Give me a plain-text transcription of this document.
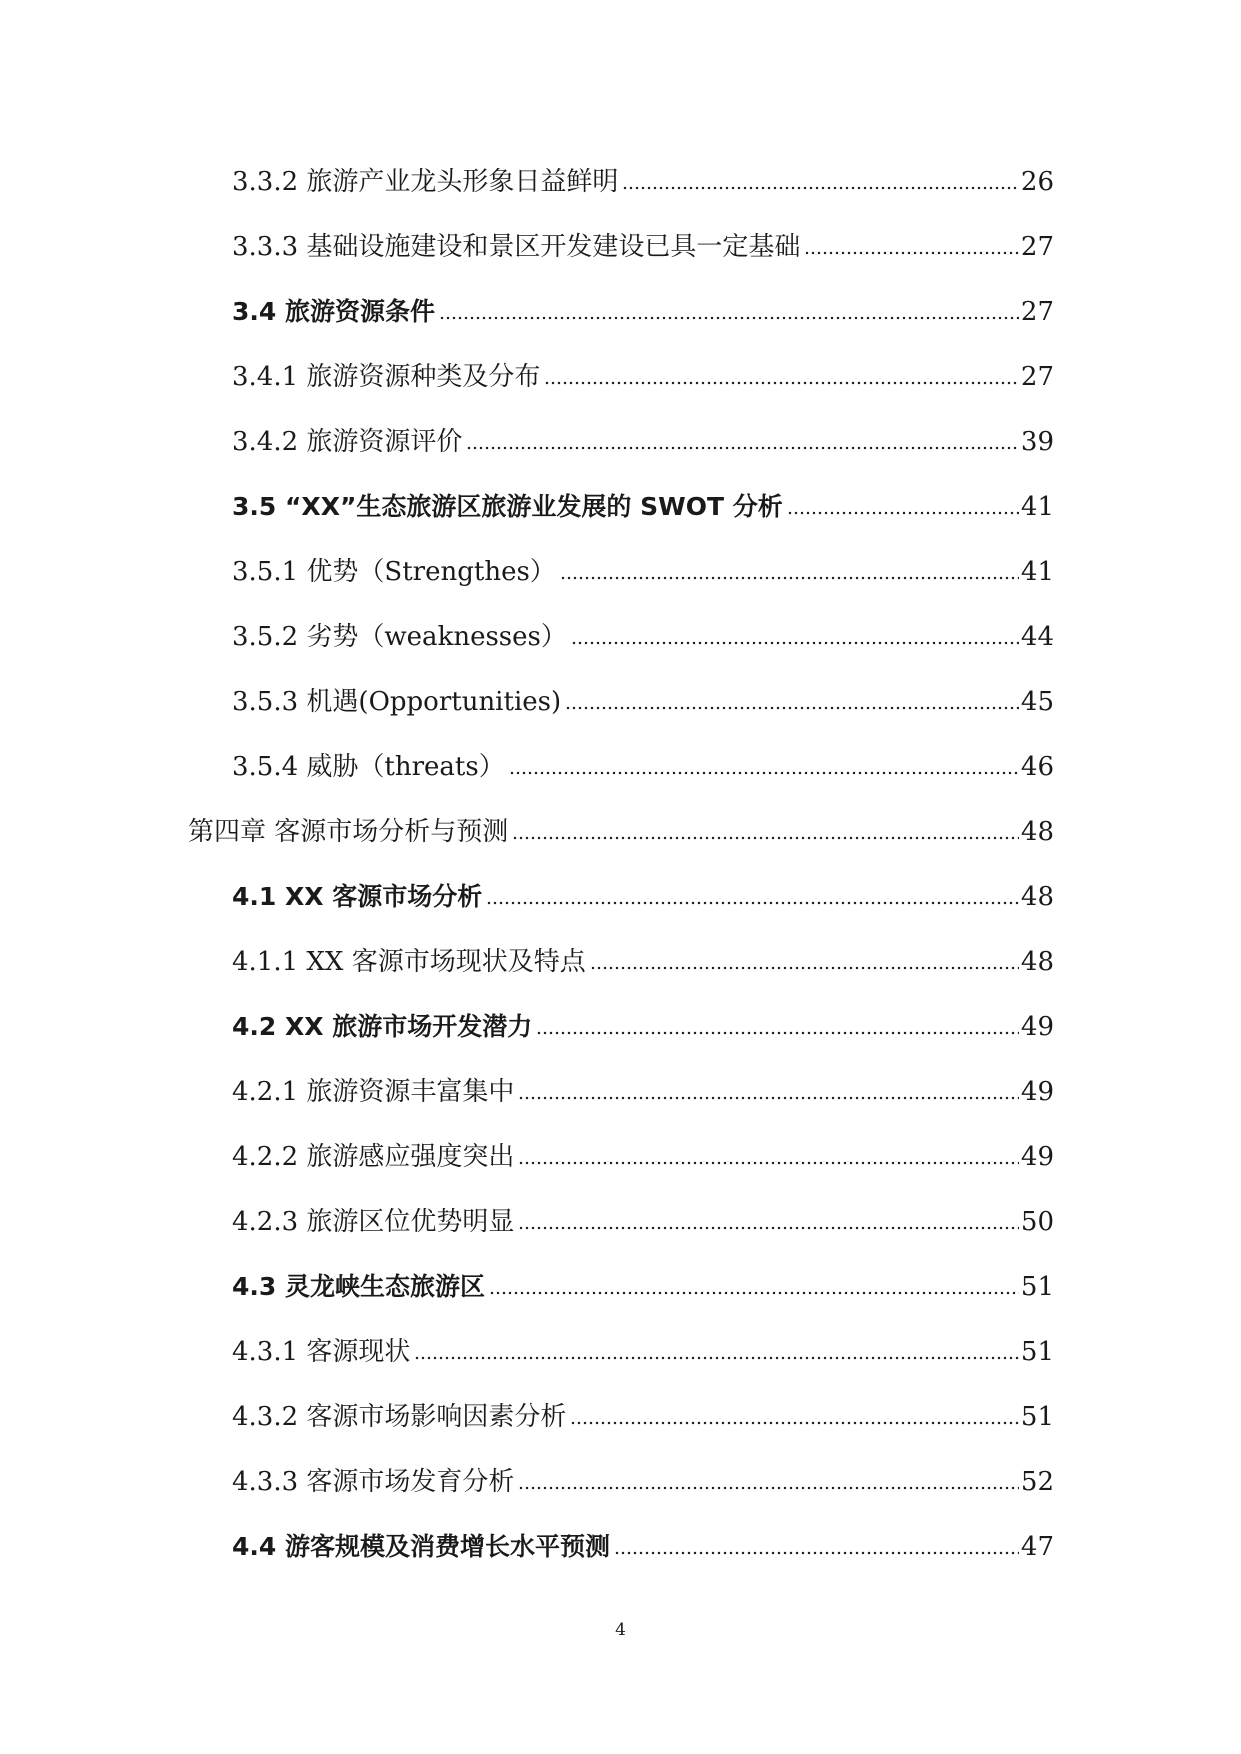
3.3.2 旅游产业龙头形象日益鲜明	26
3.3.3 基础设施建设和景区开发建设已具一定基础	27
3.4 旅游资源条件	27
3.4.1 旅游资源种类及分布	27
3.4.2 旅游资源评价	39
3.5 “XX”生态旅游区旅游业发展的 SWOT 分析	41
3.5.1 优势（Strengthes）	41
3.5.2 劣势（weaknesses）	44
3.5.3 机遇(Opportunities)	45
3.5.4 威胁（threats）	46
第四章 客源市场分析与预测	48
4.1 XX 客源市场分析	48
4.1.1 XX 客源市场现状及特点	48
4.2 XX 旅游市场开发潜力	49
4.2.1 旅游资源丰富集中	49
4.2.2 旅游感应强度突出	49
4.2.3 旅游区位优势明显	50
4.3 灵龙峡生态旅游区	51
4.3.1 客源现状	51
4.3.2 客源市场影响因素分析	51
4.3.3 客源市场发育分析	52
4.4 游客规模及消费增长水平预测	47
4
